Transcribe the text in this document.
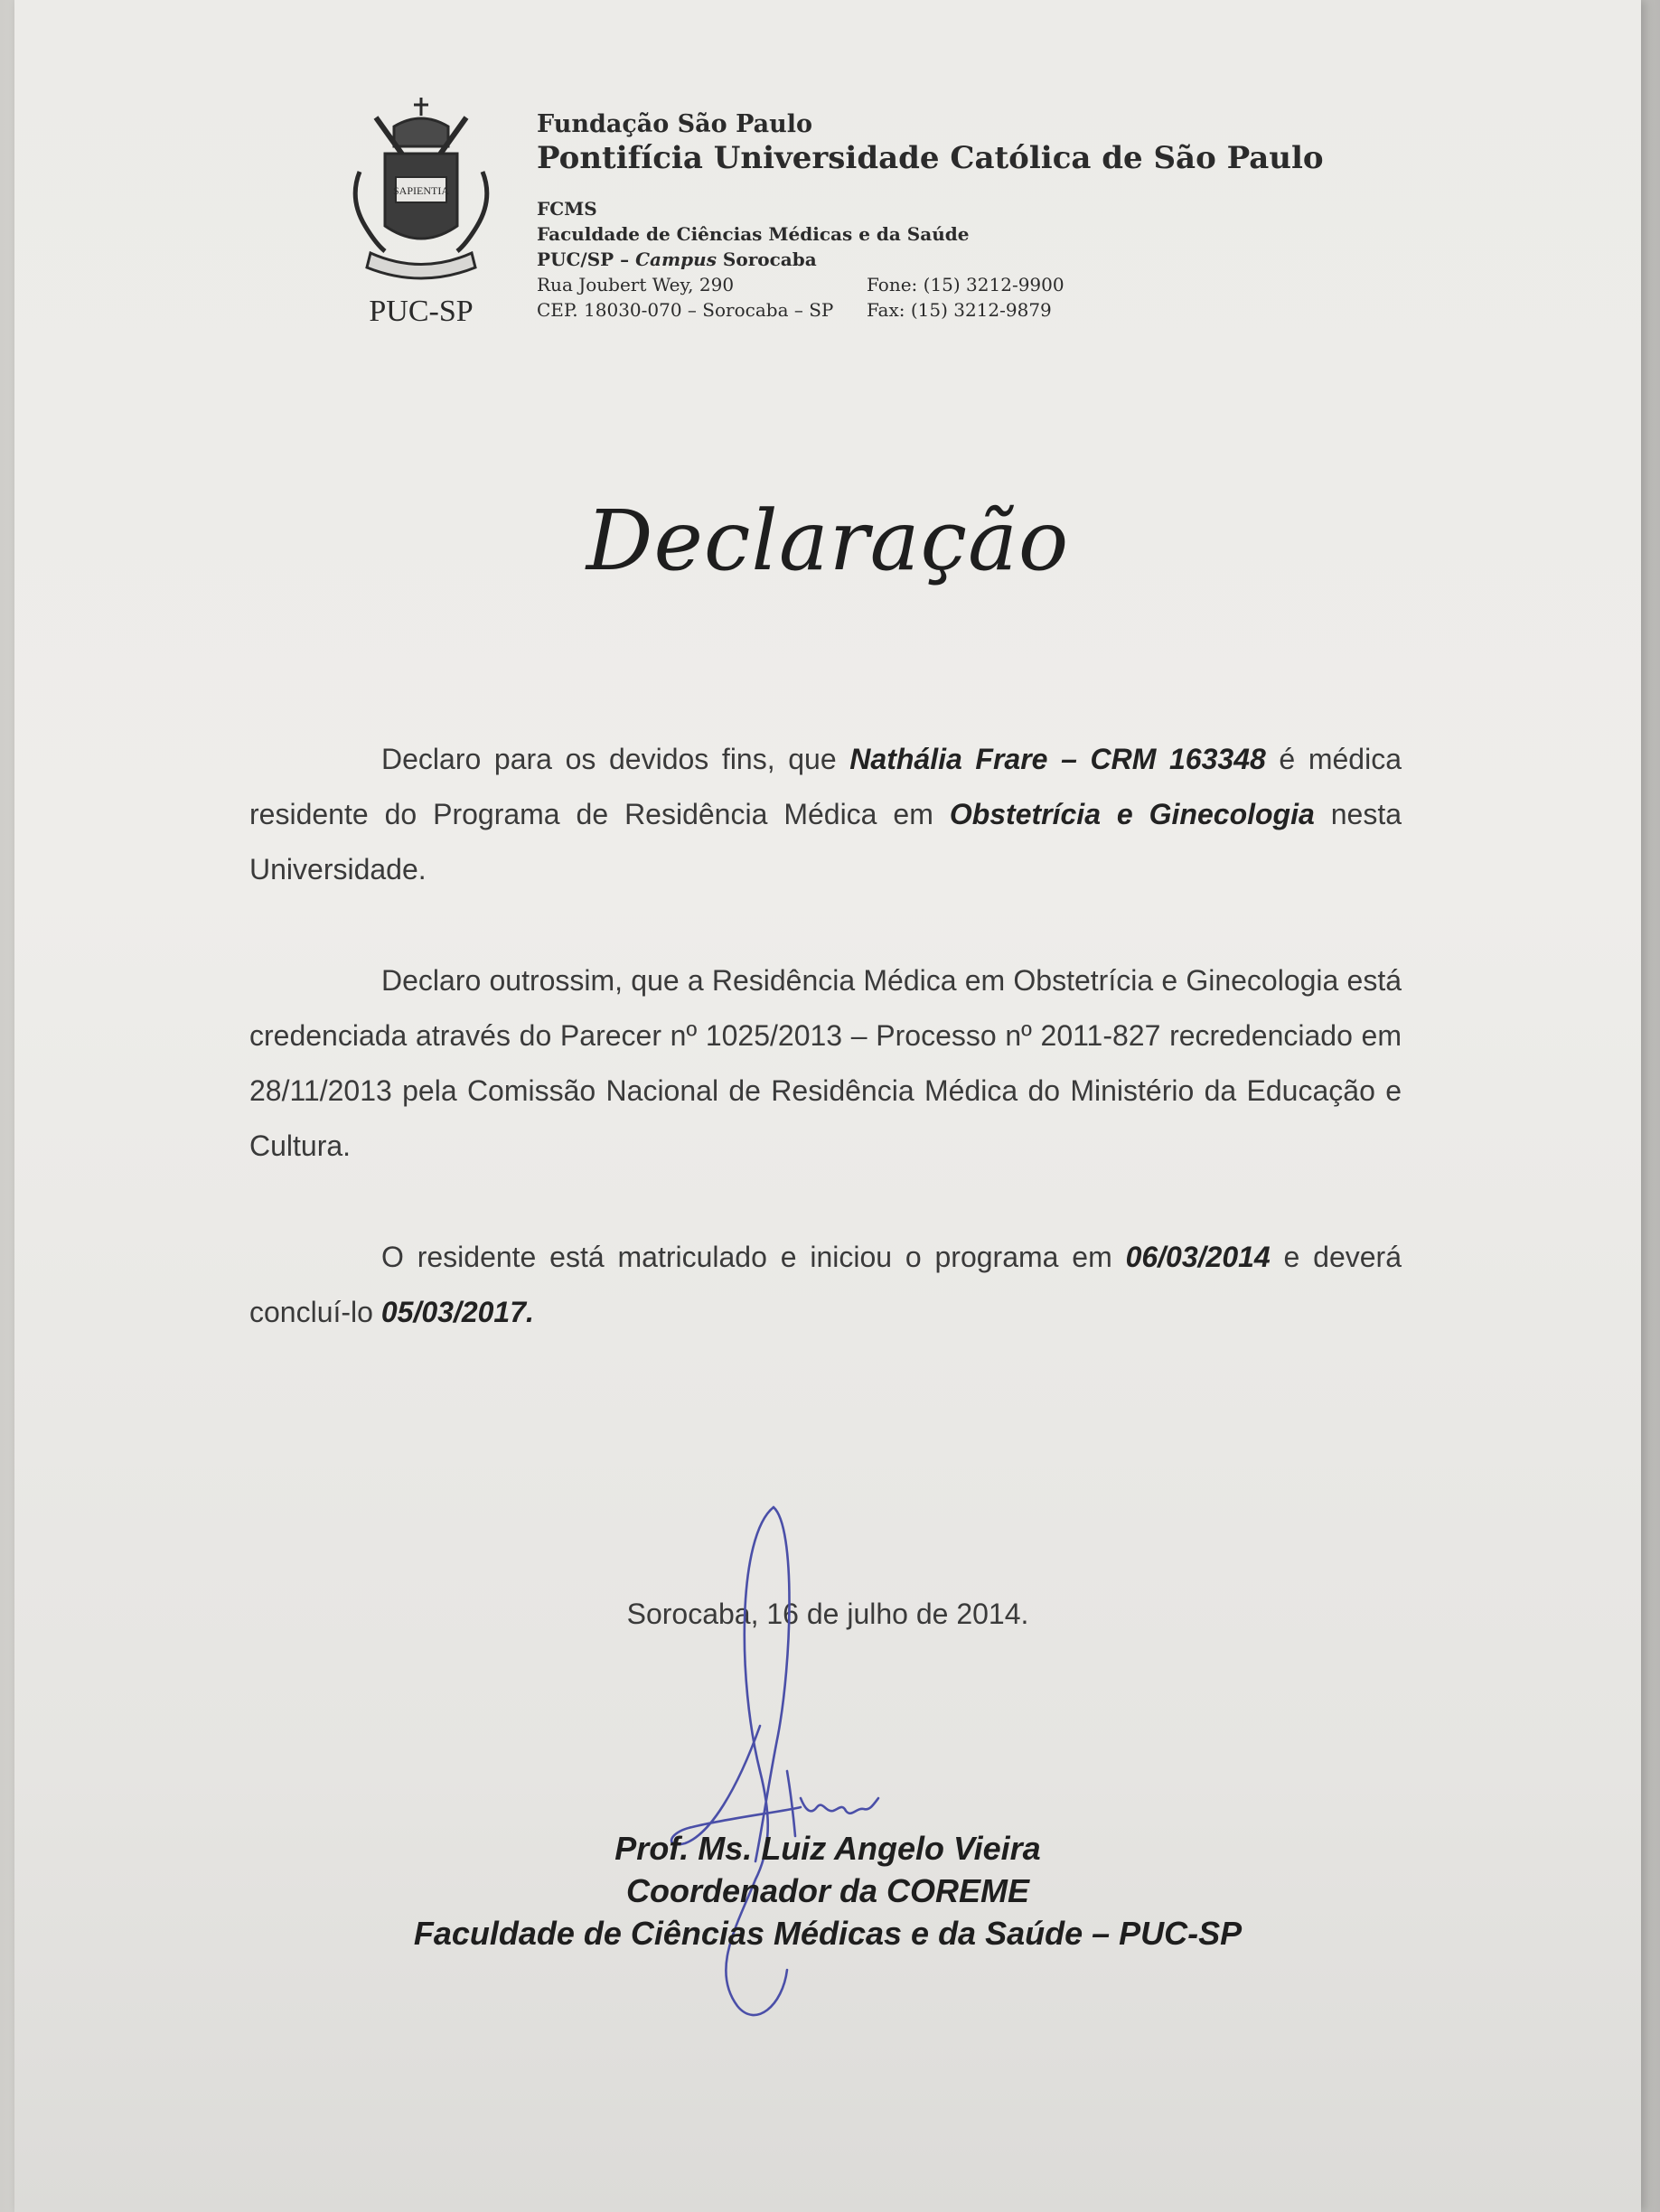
SAPIENTIA
PUC-SP
Fundação São Paulo
Pontifícia Universidade Católica de São Paulo
FCMS
Faculdade de Ciências Médicas e da Saúde
PUC/SP – Campus Sorocaba
Rua Joubert Wey, 290	Fone: (15) 3212-9900
CEP. 18030-070 – Sorocaba – SP Fax: (15) 3212-9879
Declaração

Declaro para os devidos fins, que Nathália Frare – CRM 163348 é médica residente do Programa de Residência Médica em Obstetrícia e Ginecologia nesta Universidade.

Declaro outrossim, que a Residência Médica em Obstetrícia e Ginecologia está credenciada através do Parecer nº 1025/2013 – Processo nº 2011-827 recredenciado em 28/11/2013 pela Comissão Nacional de Residência Médica do Ministério da Educação e Cultura.

O residente está matriculado e iniciou o programa em 06/03/2014 e deverá concluí-lo 05/03/2017.

Sorocaba, 16 de julho de 2014.
Prof. Ms. Luiz Angelo Vieira
Coordenador da COREME
Faculdade de Ciências Médicas e da Saúde – PUC-SP
